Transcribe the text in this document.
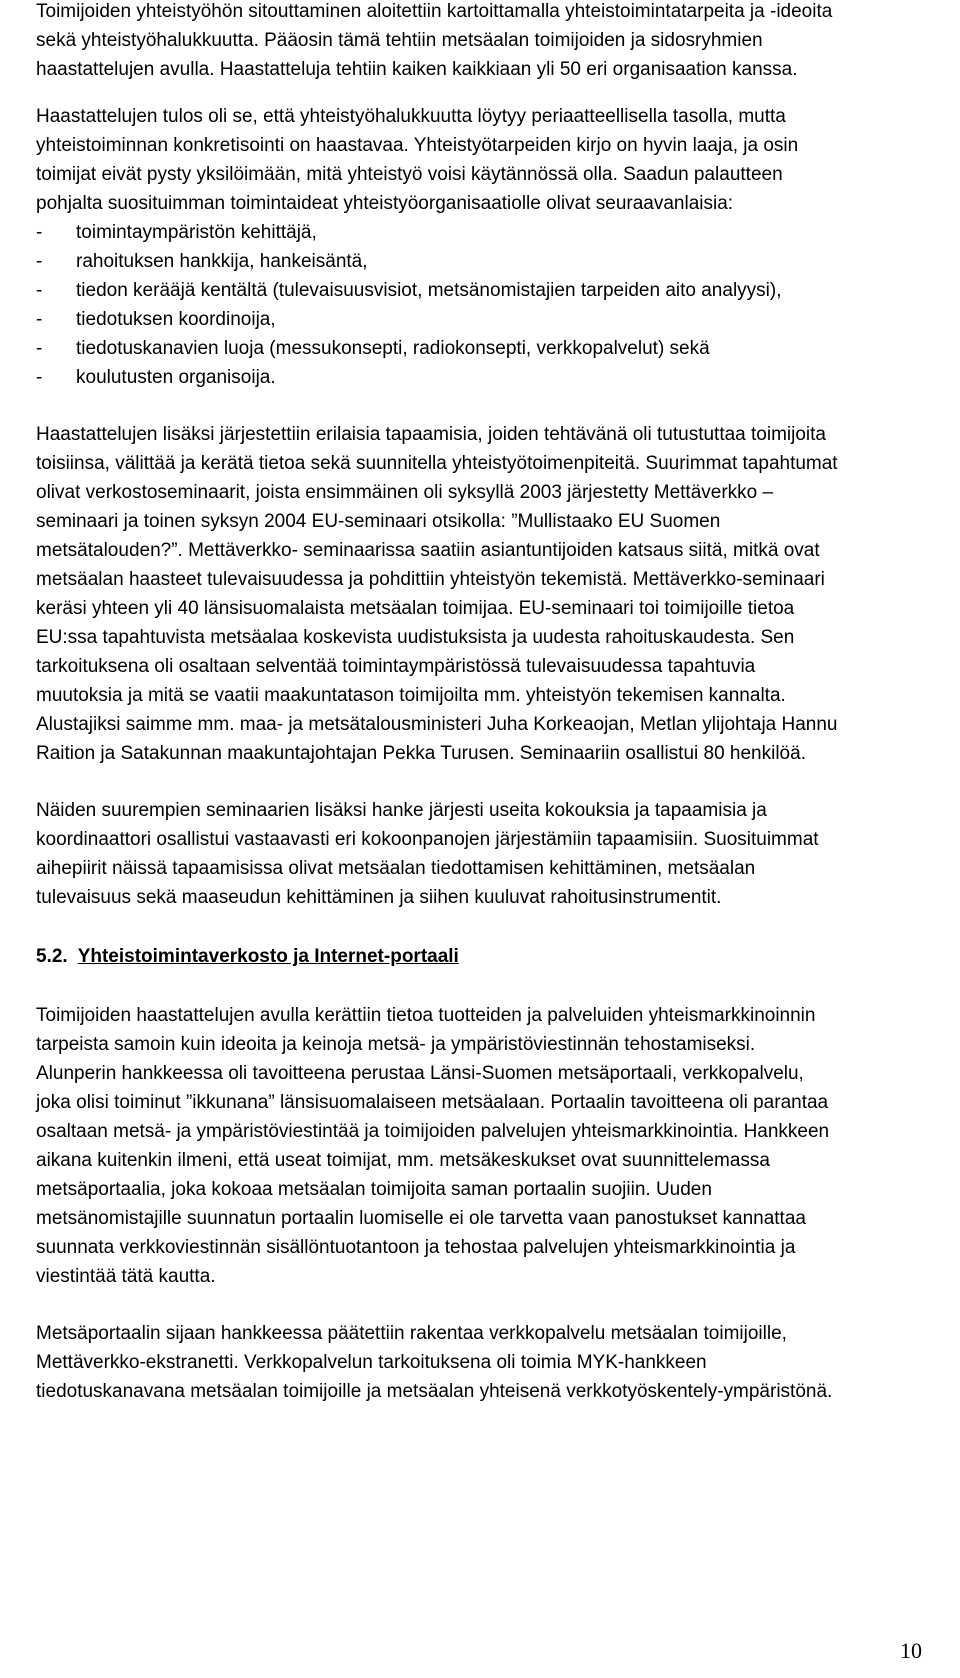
Toimijoiden yhteistyöhön sitouttaminen aloitettiin kartoittamalla yhteistoimintatarpeita ja -ideoita
sekä yhteistyöhalukkuutta. Pääosin tämä tehtiin metsäalan toimijoiden ja sidosryhmien
haastattelujen avulla. Haastatteluja tehtiin kaiken kaikkiaan yli 50 eri organisaation kanssa.
Haastattelujen tulos oli se, että yhteistyöhalukkuutta löytyy periaatteellisella tasolla, mutta
yhteistoiminnan konkretisointi on haastavaa. Yhteistyötarpeiden kirjo on hyvin laaja, ja osin
toimijat eivät pysty yksilöimään, mitä yhteistyö voisi käytännössä olla. Saadun palautteen
pohjalta suosituimman toimintaideat yhteistyöorganisaatiolle olivat seuraavanlaisia:
-	toimintaympäristön kehittäjä,
-	rahoituksen hankkija, hankeisäntä,
-	tiedon kerääjä kentältä (tulevaisuusvisiot, metsänomistajien tarpeiden aito analyysi),
-	tiedotuksen koordinoija,
-	tiedotuskanavien luoja (messukonsepti, radiokonsepti, verkkopalvelut) sekä
-	koulutusten organisoija.
Haastattelujen lisäksi järjestettiin erilaisia tapaamisia, joiden tehtävänä oli tutustuttaa toimijoita
toisiinsa, välittää ja kerätä tietoa sekä suunnitella yhteistyötoimenpiteitä. Suurimmat tapahtumat
olivat verkostoseminaarit, joista ensimmäinen oli syksyllä 2003 järjestetty Mettäverkko –
seminaari ja toinen syksyn 2004 EU-seminaari otsikolla: ”Mullistaako EU Suomen
metsätalouden?”. Mettäverkko- seminaarissa saatiin asiantuntijoiden katsaus siitä, mitkä ovat
metsäalan haasteet tulevaisuudessa ja pohdittiin yhteistyön tekemistä. Mettäverkko-seminaari
keräsi yhteen yli 40 länsisuomalaista metsäalan toimijaa. EU-seminaari toi toimijoille tietoa
EU:ssa tapahtuvista metsäalaa koskevista uudistuksista ja uudesta rahoituskaudesta. Sen
tarkoituksena oli osaltaan selventää toimintaympäristössä tulevaisuudessa tapahtuvia
muutoksia ja mitä se vaatii maakuntatason toimijoilta mm. yhteistyön tekemisen kannalta.
Alustajiksi saimme mm. maa- ja metsätalousministeri Juha Korkeaojan, Metlan ylijohtaja Hannu
Raition ja Satakunnan maakuntajohtajan Pekka Turusen. Seminaariin osallistui 80 henkilöä.
Näiden suurempien seminaarien lisäksi hanke järjesti useita kokouksia ja tapaamisia ja
koordinaattori osallistui vastaavasti eri kokoonpanojen järjestämiin tapaamisiin. Suosituimmat
aihepiirit näissä tapaamisissa olivat metsäalan tiedottamisen kehittäminen, metsäalan
tulevaisuus sekä maaseudun kehittäminen ja siihen kuuluvat rahoitusinstrumentit.
5.2. Yhteistoimintaverkosto ja Internet-portaali
Toimijoiden haastattelujen avulla kerättiin tietoa tuotteiden ja palveluiden yhteismarkkinoinnin
tarpeista samoin kuin ideoita ja keinoja metsä- ja ympäristöviestinnän tehostamiseksi.
Alunperin hankkeessa oli tavoitteena perustaa Länsi-Suomen metsäportaali, verkkopalvelu,
joka olisi toiminut ”ikkunana” länsisuomalaiseen metsäalaan. Portaalin tavoitteena oli parantaa
osaltaan metsä- ja ympäristöviestintää ja toimijoiden palvelujen yhteismarkkinointia. Hankkeen
aikana kuitenkin ilmeni, että useat toimijat, mm. metsäkeskukset ovat suunnittelemassa
metsäportaalia, joka kokoaa metsäalan toimijoita saman portaalin suojiin. Uuden
metsänomistajille suunnatun portaalin luomiselle ei ole tarvetta vaan panostukset kannattaa
suunnata verkkoviestinnän sisällöntuotantoon ja tehostaa palvelujen yhteismarkkinointia ja
viestintää tätä kautta.
Metsäportaalin sijaan hankkeessa päätettiin rakentaa verkkopalvelu metsäalan toimijoille,
Mettäverkko-ekstranetti. Verkkopalvelun tarkoituksena oli toimia MYK-hankkeen
tiedotuskanavana metsäalan toimijoille ja metsäalan yhteisenä verkkotyöskentely-ympäristönä.
10
